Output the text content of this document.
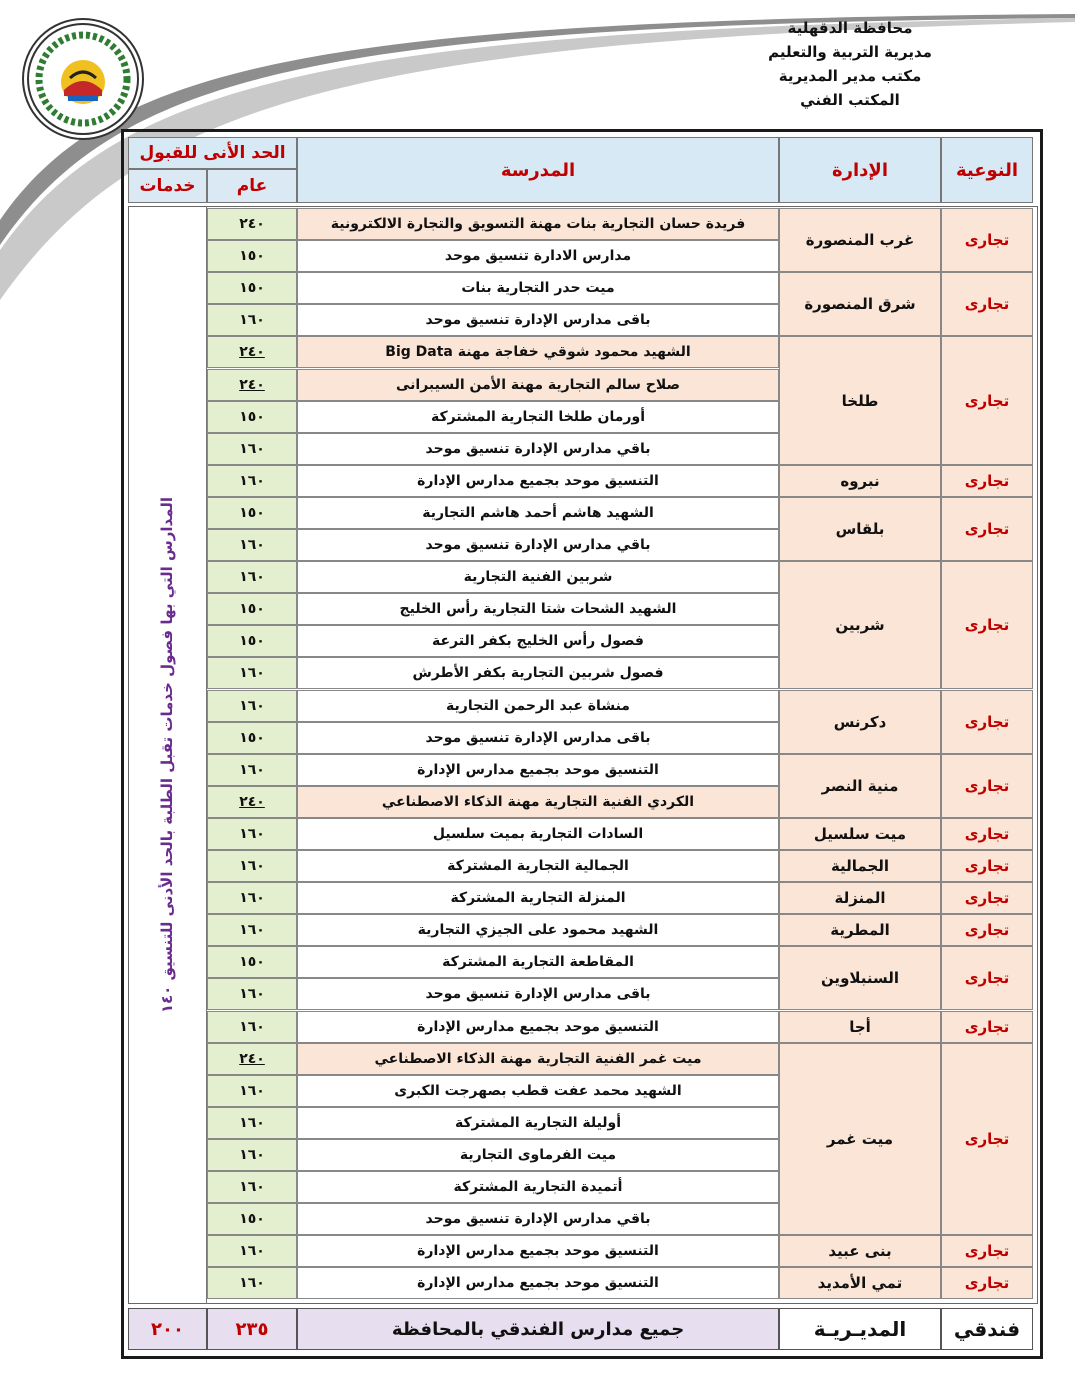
محافظة الدقهلية
مديرية التربية والتعليم
مكتب مدير المديرية
المكتب الفني
النوعية
الإدارة
المدرسة
الحد الأنى للقبول
عام
خدمات
المدارس التي بها فصول خدمات تقبل الطلبة بالحد الأدنى للتنسيق ١٤٠
تجارى
غرب المنصورة
فريدة حسان التجارية بنات مهنة التسويق والتجارة الالكترونية
٢٤٠
مدارس الادارة تنسيق موحد
١٥٠
تجارى
شرق المنصورة
ميت حدر التجارية بنات
١٥٠
باقى مدارس الإدارة تنسيق موحد
١٦٠
تجارى
طلخا
الشهيد محمود شوقي خفاجة مهنة Big Data
٢٤٠
صلاح سالم التجارية مهنة الأمن السيبرانى
٢٤٠
أورمان طلخا التجارية المشتركة
١٥٠
باقي مدارس الإدارة تنسيق موحد
١٦٠
تجارى
نبروه
التنسيق موحد بجميع مدارس الإدارة
١٦٠
تجارى
بلقاس
الشهيد هاشم أحمد هاشم التجارية
١٥٠
باقي مدارس الإدارة تنسيق موحد
١٦٠
تجارى
شربين
شربين الفنية التجارية
١٦٠
الشهيد الشحات شتا التجارية رأس الخليج
١٥٠
فصول رأس الخليج بكفر الترعة
١٥٠
فصول شربين التجارية بكفر الأطرش
١٦٠
تجارى
دكرنس
منشاة عبد الرحمن التجارية
١٦٠
باقى مدارس الإدارة تنسيق موحد
١٥٠
تجارى
منية النصر
التنسيق موحد بجميع مدارس الإدارة
١٦٠
الكردي الفنية التجارية مهنة الذكاء الاصطناعي
٢٤٠
تجارى
ميت سلسيل
السادات التجارية بميت سلسيل
١٦٠
تجارى
الجمالية
الجمالية التجارية المشتركة
١٦٠
تجارى
المنزلة
المنزلة التجارية المشتركة
١٦٠
تجارى
المطرية
الشهيد محمود على الجيزي التجارية
١٦٠
تجارى
السنبلاوين
المقاطعة التجارية المشتركة
١٥٠
باقى مدارس الإدارة تنسيق موحد
١٦٠
تجارى
أجا
التنسيق موحد بجميع مدارس الإدارة
١٦٠
تجارى
ميت غمر
ميت غمر الفنية التجارية مهنة الذكاء الاصطناعي
٢٤٠
الشهيد محمد عفت قطب بصهرجت الكبرى
١٦٠
أوليلة التجارية المشتركة
١٦٠
ميت الفرماوى التجارية
١٦٠
أتميدة التجارية المشتركة
١٦٠
باقي مدارس الإدارة تنسيق موحد
١٥٠
تجارى
بنى عبيد
التنسيق موحد بجميع مدارس الإدارة
١٦٠
تجارى
تمي الأمديد
التنسيق موحد بجميع مدارس الإدارة
١٦٠
فندقي
المديـريـة
جميع مدارس الفندقي بالمحافظة
٢٣٥
٢٠٠
